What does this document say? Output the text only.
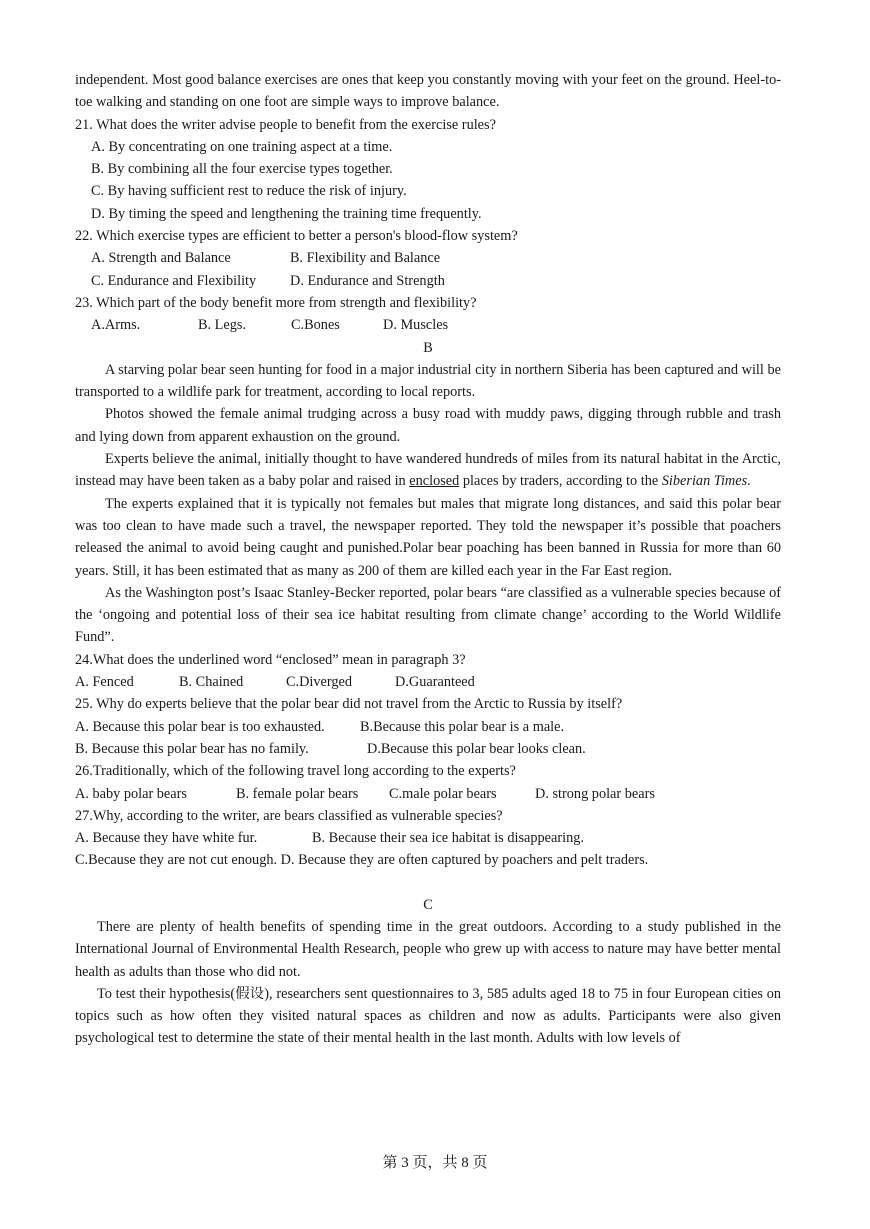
independent. Most good balance exercises are ones that keep you constantly moving with your feet on the ground. Heel-to-toe walking and standing on one foot are simple ways to improve balance.

21. What does the writer advise people to benefit from the exercise rules?

A. By concentrating on one training aspect at a time.

B. By combining all the four exercise types together.

C. By having sufficient rest to reduce the risk of injury.

D. By timing the speed and lengthening the training time frequently.

22. Which exercise types are efficient to better a person's blood-flow system?

A. Strength and Balance	B. Flexibility and Balance
C. Endurance and Flexibility	D. Endurance and Strength

23. Which part of the body benefit more from strength and flexibility?

A.Arms.	B. Legs.	C.Bones	D. Muscles

B

A starving polar bear seen hunting for food in a major industrial city in northern Siberia has been captured and will be transported to a wildlife park for treatment, according to local reports.

Photos showed the female animal trudging across a busy road with muddy paws, digging through rubble and trash and lying down from apparent exhaustion on the ground.

Experts believe the animal, initially thought to have wandered hundreds of miles from its natural habitat in the Arctic, instead may have been taken as a baby polar and raised in enclosed places by traders, according to the Siberian Times.

The experts explained that it is typically not females but males that migrate long distances, and said this polar bear was too clean to have made such a travel, the newspaper reported. They told the newspaper it’s possible that poachers released the animal to avoid being caught and punished.Polar bear poaching has been banned in Russia for more than 60 years. Still, it has been estimated that as many as 200 of them are killed each year in the Far East region.

As the Washington post’s Isaac Stanley-Becker reported, polar bears “are classified as a vulnerable species because of the ‘ongoing and potential loss of their sea ice habitat resulting from climate change’ according to the World Wildlife Fund”.

24.What does the underlined word “enclosed” mean in paragraph 3?

A. Fenced	B. Chained	C.Diverged	D.Guaranteed

25. Why do experts believe that the polar bear did not travel from the Arctic to Russia by itself?

A. Because this polar bear is too exhausted.	B.Because this polar bear is a male.
B. Because this polar bear has no family.	D.Because this polar bear looks clean.

26.Traditionally, which of the following travel long according to the experts?

A. baby polar bears	B. female polar bears	C.male polar bears	D. strong polar bears

27.Why, according to the writer, are bears classified as vulnerable species?

A. Because they have white fur.	B. Because their sea ice habitat is disappearing.
C.Because they are not cut enough.
D. Because they are often captured by poachers and pelt traders.

C

There are plenty of health benefits of spending time in the great outdoors. According to a study published in the International Journal of Environmental Health Research, people who grew up with access to nature may have better mental health as adults than those who did not.

To test their hypothesis(假设), researchers sent questionnaires to 3, 585 adults aged 18 to 75 in four European cities on topics such as how often they visited natural spaces as children and now as adults. Participants were also given psychological test to determine the state of their mental health in the last month. Adults with low levels of

第 3 页，共 8 页
